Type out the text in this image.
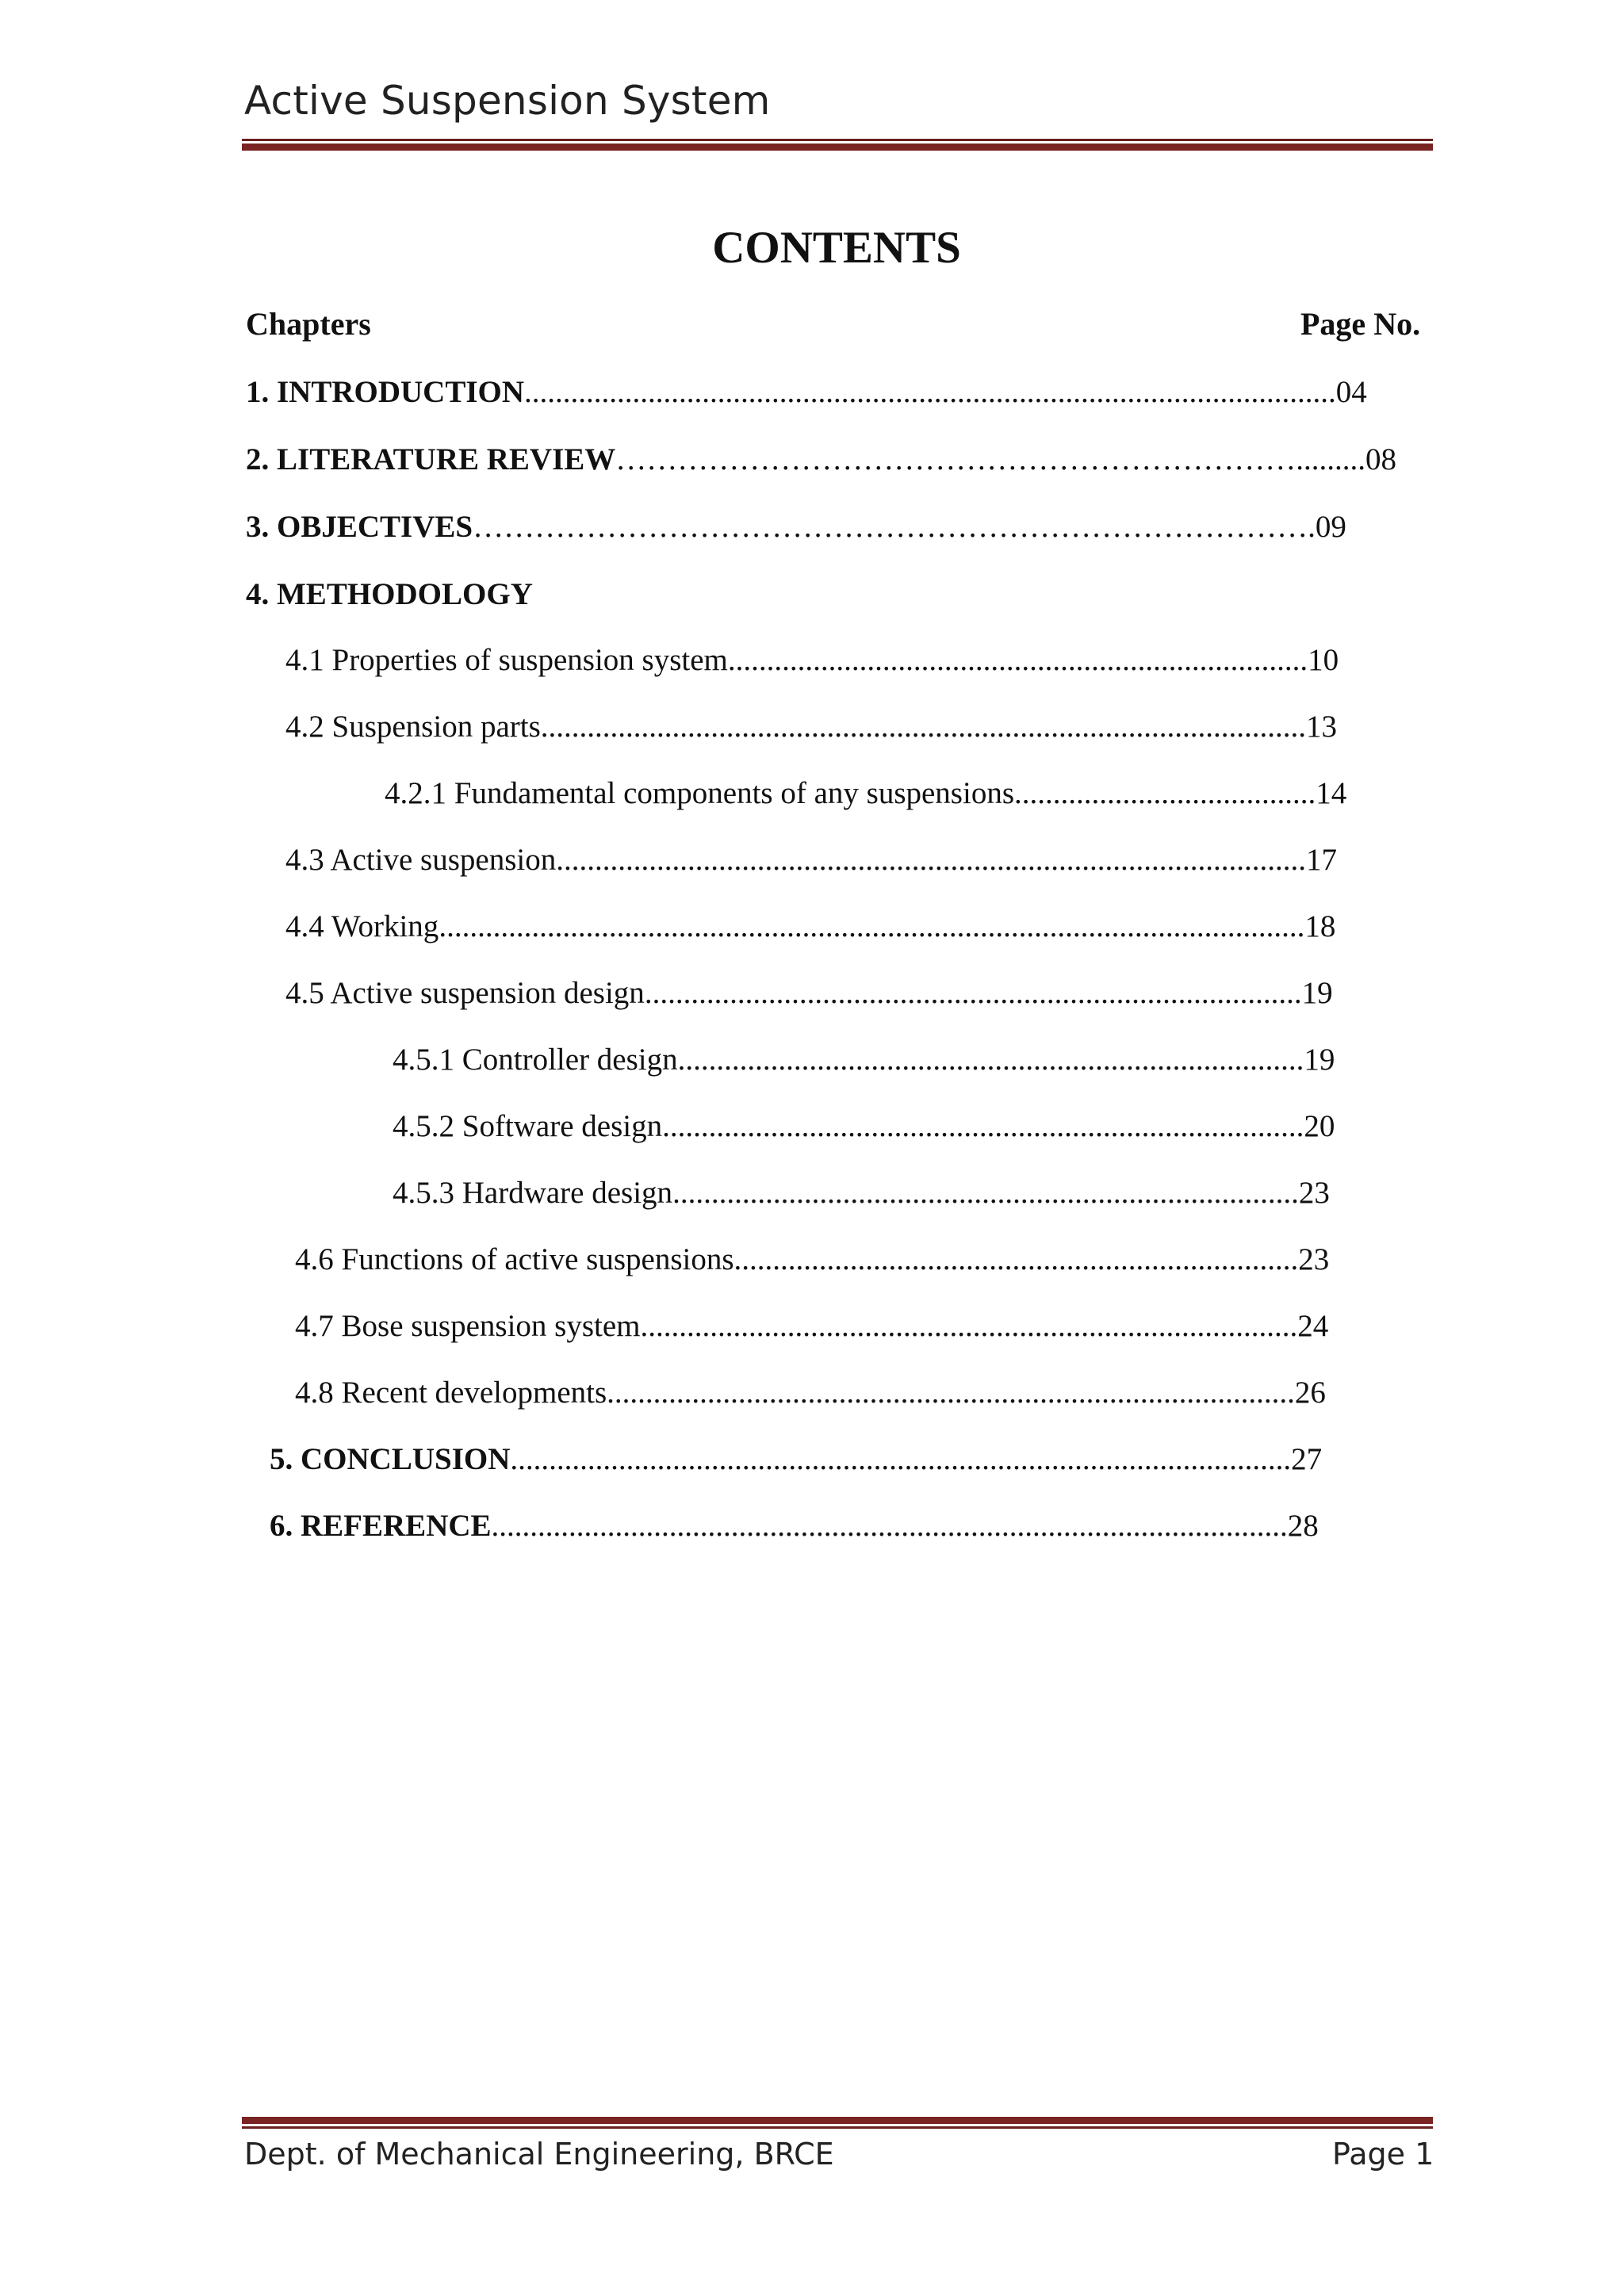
Active Suspension System
CONTENTS
Chapters	Page No.
1. INTRODUCTION.........................................................................................................04
2. LITERATURE REVIEW………………………………………………………….........08
3. OBJECTIVES……………………………………………………………………….09
4. METHODOLOGY
4.1 Properties of suspension system...........................................................................10
4.2 Suspension parts...................................................................................................13
4.2.1 Fundamental components of any suspensions.......................................14
4.3 Active suspension.................................................................................................17
4.4 Working................................................................................................................18
4.5 Active suspension design.....................................................................................19
4.5.1 Controller design.................................................................................19
4.5.2 Software design...................................................................................20
4.5.3 Hardware design.................................................................................23
4.6 Functions of active suspensions.........................................................................23
4.7 Bose suspension system.....................................................................................24
4.8 Recent developments.........................................................................................26
5. CONCLUSION.....................................................................................................27
6. REFERENCE.......................................................................................................28
Dept. of Mechanical Engineering, BRCE	Page 1
